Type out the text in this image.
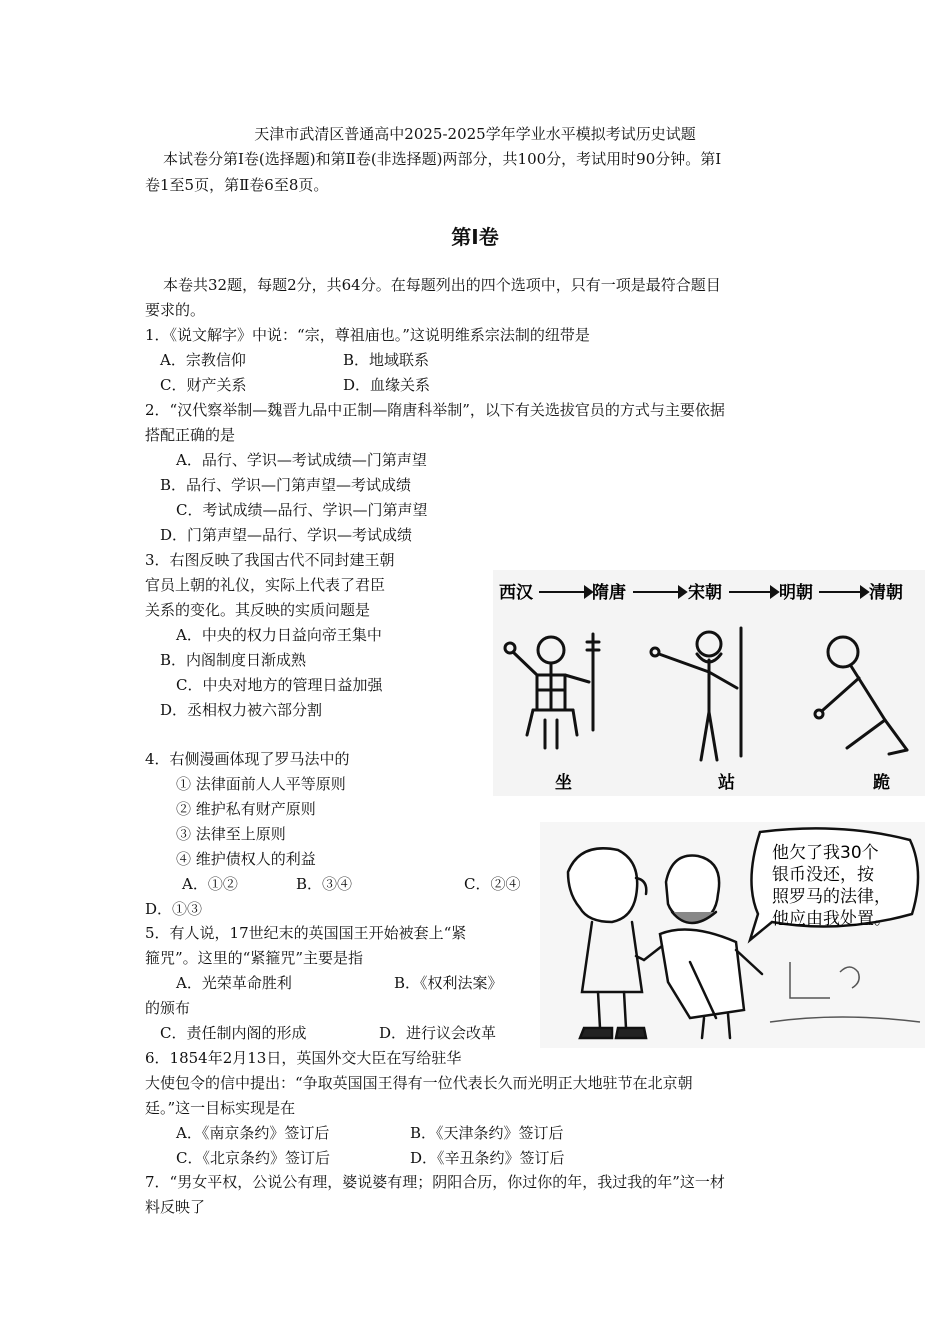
天津市武清区普通高中2025-2025学年学业水平模拟考试历史试题
本试卷分第Ⅰ卷(选择题)和第Ⅱ卷(非选择题)两部分，共100分，考试用时90分钟。第Ⅰ
卷1至5页，第Ⅱ卷6至8页。
第Ⅰ卷
本卷共32题，每题2分，共64分。在每题列出的四个选项中，只有一项是最符合题目
要求的。
1．《说文解字》中说：“宗，尊祖庙也。”这说明维系宗法制的纽带是
A．宗教信仰	B．地域联系
C．财产关系	D．血缘关系
2．“汉代察举制—魏晋九品中正制—隋唐科举制”，以下有关选拔官员的方式与主要依据
搭配正确的是
A．品行、学识—考试成绩—门第声望
B．品行、学识—门第声望—考试成绩
C．考试成绩—品行、学识—门第声望
D．门第声望—品行、学识—考试成绩
3．右图反映了我国古代不同封建王朝
官员上朝的礼仪，实际上代表了君臣
关系的变化。其反映的实质问题是
A．中央的权力日益向帝王集中
B．内阁制度日渐成熟
C．中央对地方的管理日益加强
D．丞相权力被六部分割
4．右侧漫画体现了罗马法中的
① 法律面前人人平等原则
② 维护私有财产原则
③ 法律至上原则
④ 维护债权人的利益
A．①②	B．③④	C．②④
D．①③
5．有人说，17世纪末的英国国王开始被套上“紧
箍咒”。这里的“紧箍咒”主要是指
A．光荣革命胜利	B．《权利法案》
的颁布
C．责任制内阁的形成	D．进行议会改革
6．1854年2月13日，英国外交大臣在写给驻华
大使包令的信中提出：“争取英国国王得有一位代表长久而光明正大地驻节在北京朝
廷。”这一目标实现是在
A．《南京条约》签订后	B．《天津条约》签订后
C．《北京条约》签订后	D．《辛丑条约》签订后
7．“男女平权，公说公有理，婆说婆有理；阴阳合历，你过你的年，我过我的年”这一材
料反映了
西汉	隋唐	宋朝	明朝	清朝
坐	站	跪
他欠了我30个
银币没还，按
照罗马的法律，
他应由我处置。
